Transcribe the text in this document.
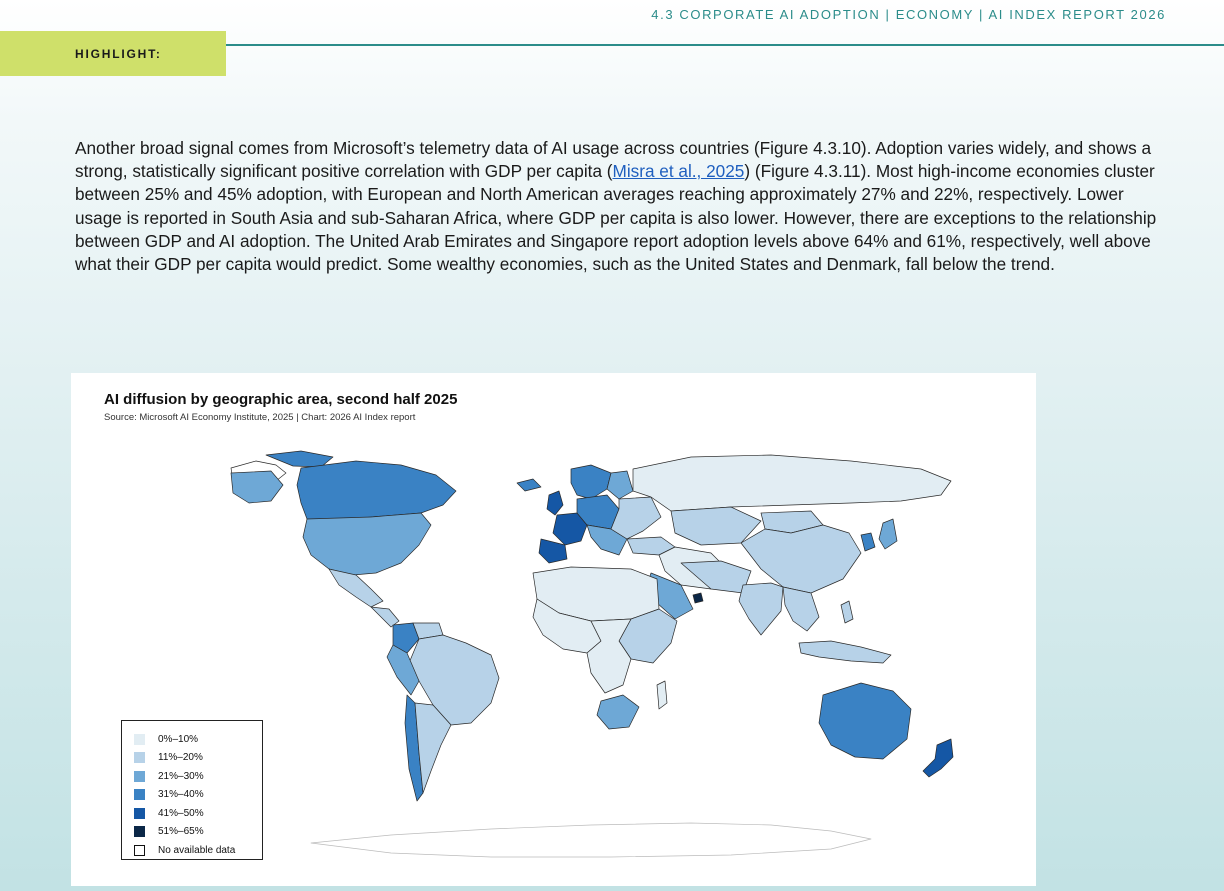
4.3 CORPORATE AI ADOPTION | ECONOMY | AI INDEX REPORT 2026
HIGHLIGHT:

Another broad signal comes from Microsoft’s telemetry data of AI usage across countries (Figure 4.3.10). Adoption varies widely, and shows a strong, statistically significant positive correlation with GDP per capita (Misra et al., 2025) (Figure 4.3.11). Most high-income economies cluster between 25% and 45% adoption, with European and North American averages reaching approximately 27% and 22%, respectively. Lower usage is reported in South Asia and sub-Saharan Africa, where GDP per capita is also lower. However, there are exceptions to the relationship between GDP and AI adoption. The United Arab Emirates and Singapore report adoption levels above 64% and 61%, respectively, well above what their GDP per capita would predict. Some wealthy economies, such as the United States and Denmark, fall below the trend.

AI diffusion by geographic area, second half 2025
Source: Microsoft AI Economy Institute, 2025 | Chart: 2026 AI Index report
0%–10%
11%–20%
21%–30%
31%–40%
41%–50%
51%–65%
No available data
